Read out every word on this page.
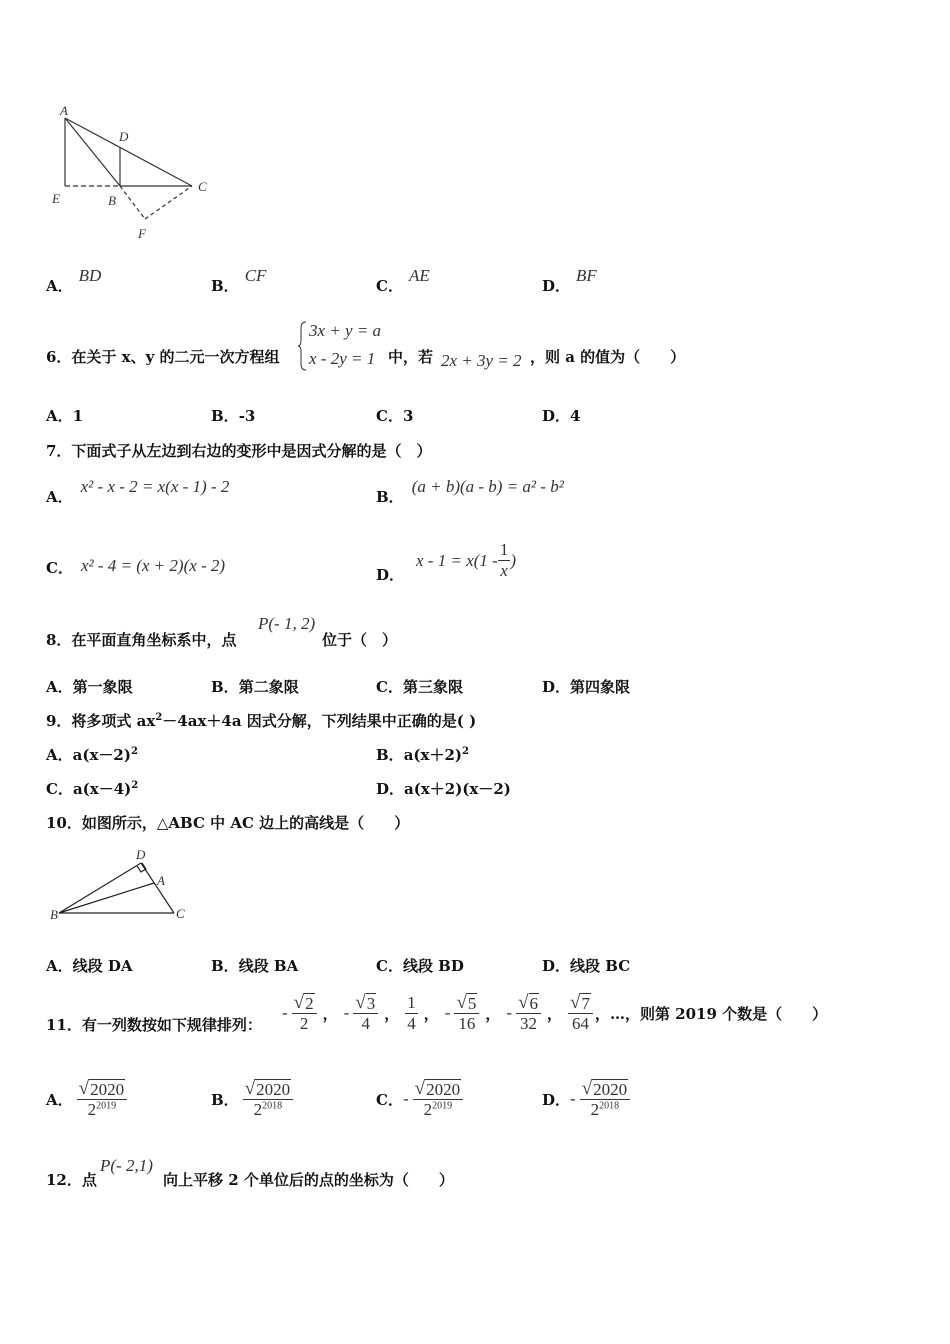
A
D
E	B
C
F
A．BD
B．CF
C．AE
D．BF
6．在关于 x、y 的二元一次方程组
3x + y = a
x - 2y = 1 中，若 2x + 3y = 2 ，则 a 的值为（　　）
A．1	B．-3	C．3	D．4
7．下面式子从左边到右边的变形中是因式分解的是（　）
A．x² - x - 2 = x(x - 1) - 2
B．(a + b)(a - b) = a² - b²
C． x² - 4 = (x + 2)(x - 2)	D．
$x - 1 = x(1 - \frac{1}{x}$ )
8．在平面直角坐标系中，点
P(- 1, 2)
位于（　）
A．第一象限	B．第二象限	C．第三象限	D．第四象限
9．将多项式 $ax^2-4ax+4a$ 因式分解，下列结果中正确的是( )
A．$a(x-2)^2$	B．$a(x+2)^2$
C．$a(x-4)^2$	D．a(x＋2)(x－2)
10．如图所示，△ABC 中 AC 边上的高线是（　　）
D
A
B	C
A．线段 DA	B．线段 BA	C．线段 BD	D．线段 BC
11．有一列数按如下规律排列：
- $\frac{√ 2}{2}$ ， - $\frac{√ 3}{4}$ ， $\frac{1}{4}$ ， - $\frac{√ 5}{16}$ ， - $\frac{√ 6}{32}$ ， $\frac{√ 7}{64}$ ，…，则第 2019 个数是（　　）
A． $\frac{√ 2020}{2^{2019}}$	B． $\frac{√ 2020}{2^{2018}}$	C． - $\frac{√ 2020}{2^{2019}}$	D． - $\frac{√ 2020}{2^{2018}}$
12．点
P(- 2,1)
向上平移 2 个单位后的点的坐标为（　　）
